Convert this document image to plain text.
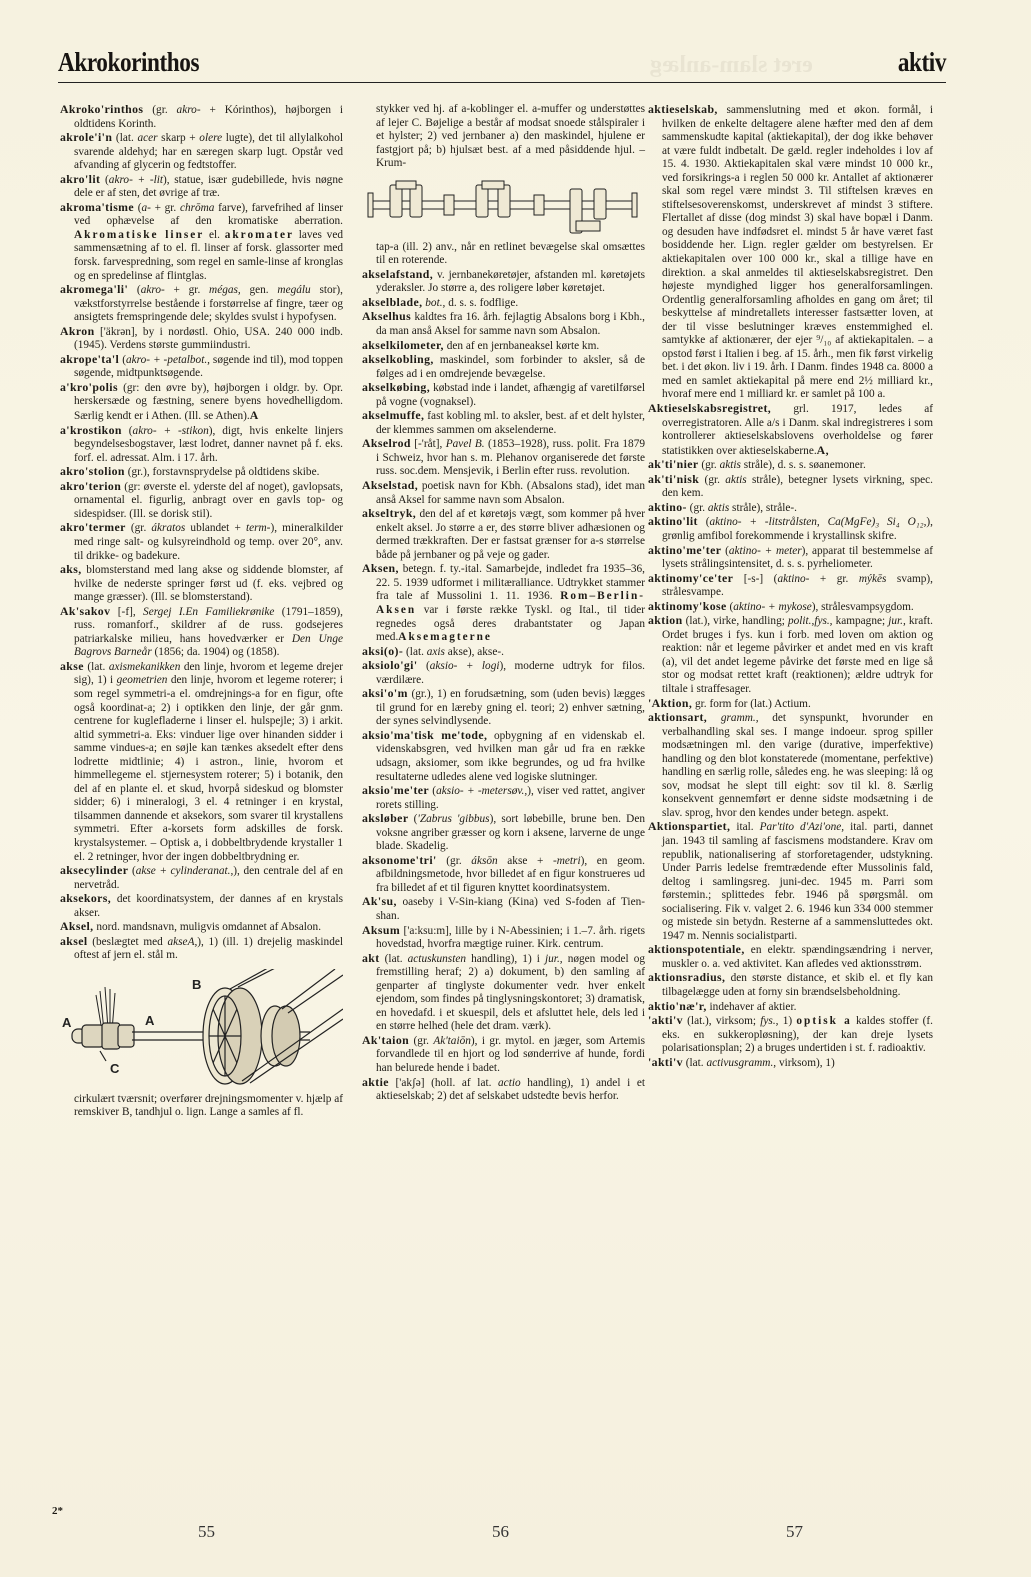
eret slam-anlæg
Akrokorinthos	aktiv

Akroko'rinthos (gr. akro- + Kórinthos), højborgen i oldtidens Korinth.

akrole'i'n (lat. acer skarp + olere lugte), det til allylalkohol svarende aldehyd; har en særegen skarp lugt. Opstår ved afvanding af glycerin og fedtstoffer.

akro'lit (akro- + -lit), statue, især gudebillede, hvis nøgne dele er af sten, det øvrige af træ.

akroma'tisme (a- + gr. chrōma farve), farvefrihed af linser ved ophævelse af den kromatiske aberration. Akromatiske linser el. akromater laves ved sammensætning af to el. fl. linser af forsk. glassorter med forsk. farvespredning, som regel en samle-linse af kronglas og en spredelinse af flintglas.

akromega'li' (akro- + gr. mégas, gen. megálu stor), vækstforstyrrelse bestående i forstørrelse af fingre, tæer og ansigtets fremspringende dele; skyldes svulst i hypofysen.

Akron ['äkrən], by i nordøstl. Ohio, USA. 240 000 indb. (1945). Verdens største gummiindustri.

akrope'ta'l (akro- + -petalbot., søgende ind til), mod toppen søgende, midtpunktsøgende.

a'kro'polis (gr: den øvre by), højborgen i oldgr. by. Opr. herskersæde og fæstning, senere byens hovedhelligdom. Særlig kendt er i Athen. (Ill. se Athen).A

a'krostikon (akro- + -stikon), digt, hvis enkelte linjers begyndelsesbogstaver, læst lodret, danner navnet på f. eks. forf. el. adressat. Alm. i 17. årh.

akro'stolion (gr.), forstavnsprydelse på oldtidens skibe.

akro'terion (gr: øverste el. yderste del af noget), gavlopsats, ornamental el. figurlig, anbragt over en gavls top- og sidespidser. (Ill. se dorisk stil).

akro'termer (gr. ákratos ublandet + term-), mineralkilder med ringe salt- og kulsyreindhold og temp. over 20°, anv. til drikke- og badekure.

aks, blomsterstand med lang akse og siddende blomster, af hvilke de nederste springer først ud (f. eks. vejbred og mange græsser). (Ill. se blomsterstand).

Ak'sakov [-f], Sergej I.En Familiekrønike (1791–1859), russ. romanforf., skildrer af de russ. godsejeres patriarkalske milieu, hans hovedværker er Den Unge Bagrovs Barneår (1856; da. 1904) og (1858).

akse (lat. axismekanikken den linje, hvorom et legeme drejer sig), 1) i geometrien den linje, hvorom et legeme roterer; i som regel symmetri-a el. omdrejnings-a for en figur, ofte også koordinat-a; 2) i optikken den linje, der går gnm. centrene for kuglefladerne i linser el. hulspejle; 3) i arkit. altid symmetri-a. Eks: vinduer lige over hinanden sidder i samme vindues-a; en søjle kan tænkes aksedelt efter dens lodrette midtlinie; 4) i astron., linie, hvorom et himmellegeme el. stjernesystem roterer; 5) i botanik, den del af en plante el. et skud, hvorpå sideskud og blomster sidder; 6) i mineralogi, 3 el. 4 retninger i en krystal, tilsammen dannende et aksekors, som svarer til krystallens symmetri. Efter a-korsets form adskilles de forsk. krystalsystemer. – Optisk a, i dobbeltbrydende krystaller 1 el. 2 retninger, hvor der ingen dobbeltbrydning er.

aksecylinder (akse + cylinderanat.,), den centrale del af en nervetråd.

aksekors, det koordinatsystem, der dannes af en krystals akser.

Aksel, nord. mandsnavn, muligvis omdannet af Absalon.

aksel (beslægtet med akseA,), 1) (ill. 1) drejelig maskindel oftest af jern el. stål m.

A	A
B
C

cirkulært tværsnit; overfører drejningsmomenter v. hjælp af remskiver B, tandhjul o. lign. Lange a samles af fl.

stykker ved hj. af a-koblinger el. a-muffer og understøttes af lejer C. Bøjelige a består af modsat snoede stålspiraler i et hylster; 2) ved jernbaner a) den maskindel, hjulene er fastgjort på; b) hjulsæt best. af a med påsiddende hjul. – Krum-

tap-a (ill. 2) anv., når en retlinet bevægelse skal omsættes til en roterende.

akselafstand, v. jernbanekøretøjer, afstanden ml. køretøjets yderaksler. Jo større a, des roligere løber køretøjet.

akselblade, bot., d. s. s. fodflige.

Akselhus kaldtes fra 16. årh. fejlagtig Absalons borg i Kbh., da man anså Aksel for samme navn som Absalon.

akselkilometer, den af en jernbaneaksel kørte km.

akselkobling, maskindel, som forbinder to aksler, så de følges ad i en omdrejende bevægelse.

akselkøbing, købstad inde i landet, afhængig af varetilførsel på vogne (vognaksel).

akselmuffe, fast kobling ml. to aksler, best. af et delt hylster, der klemmes sammen om akselenderne.

Akselrod [-'råt], Pavel B. (1853–1928), russ. polit. Fra 1879 i Schweiz, hvor han s. m. Plehanov organiserede det første russ. soc.dem. Mensjevik, i Berlin efter russ. revolution.

Akselstad, poetisk navn for Kbh. (Absalons stad), idet man anså Aksel for samme navn som Absalon.

akseltryk, den del af et køretøjs vægt, som kommer på hver enkelt aksel. Jo større a er, des større bliver adhæsionen og dermed trækkraften. Der er fastsat grænser for a-s størrelse både på jernbaner og på veje og gader.

Aksen, betegn. f. ty.-ital. Samarbejde, indledet fra 1935–36, 22. 5. 1939 udformet i militæralliance. Udtrykket stammer fra tale af Mussolini 1. 11. 1936. Rom–Berlin-Aksen var i første række Tyskl. og Ital., til tider regnedes også deres drabantstater og Japan med.Aksemagterne

aksi(o)- (lat. axis akse), akse-.

aksiolo'gi' (aksio- + logi), moderne udtryk for filos. værdilære.

aksi'o'm (gr.), 1) en forudsætning, som (uden bevis) lægges til grund for en læreby gning el. teori; 2) enhver sætning, der synes selvindlysende.

aksio'ma'tisk me'tode, opbygning af en videnskab el. videnskabsgren, ved hvilken man går ud fra en række udsagn, aksiomer, som ikke begrundes, og ud fra hvilke resultaterne udledes alene ved logiske slutninger.

aksio'me'ter (aksio- + -metersøv.,), viser ved rattet, angiver rorets stilling.

aksløber ('Zabrus 'gibbus), sort løbebille, brune ben. Den voksne angriber græsser og korn i aksene, larverne de unge blade. Skadelig.

aksonome'tri' (gr. áksōn akse + -metri), en geom. afbildningsmetode, hvor billedet af en figur konstrueres ud fra billedet af et til figuren knyttet koordinatsystem.

Ak'su, oaseby i V-Sin-kiang (Kina) ved S-foden af Tien-shan.

Aksum ['a:ksu:m], lille by i N-Abessinien; i 1.–7. årh. rigets hovedstad, hvorfra mægtige ruiner. Kirk. centrum.

akt (lat. actuskunsten handling), 1) i jur., nøgen model og fremstilling heraf; 2) a) dokument, b) den samling af genparter af tinglyste dokumenter vedr. hver enkelt ejendom, som findes på tinglysningskontoret; 3) dramatisk, en hovedafd. i et skuespil, dels et afsluttet hele, dels led i en større helhed (hele det dram. værk).

Ak'taion (gr. Ak'taiōn), i gr. mytol. en jæger, som Artemis forvandlede til en hjort og lod sønderrive af hunde, fordi han belurede hende i badet.

aktie ['akʃə] (holl. af lat. actio handling), 1) andel i et aktieselskab; 2) det af selskabet udstedte bevis herfor.

aktieselskab, sammenslutning med et økon. formål, i hvilken de enkelte deltagere alene hæfter med den af dem sammenskudte kapital (aktiekapital), der dog ikke behøver at være fuldt indbetalt. De gæld. regler indeholdes i lov af 15. 4. 1930. Aktiekapitalen skal være mindst 10 000 kr., ved forsikrings-a i reglen 50 000 kr. Antallet af aktionærer skal som regel være mindst 3. Til stiftelsen kræves en stiftelsesoverenskomst, underskrevet af mindst 3 stiftere. Flertallet af disse (dog mindst 3) skal have bopæl i Danm. og desuden have indfødsret el. mindst 5 år have været fast bosiddende her. Lign. regler gælder om bestyrelsen. Er aktiekapitalen over 100 000 kr., skal a tillige have en direktion. a skal anmeldes til aktieselskabsregistret. Den højeste myndighed ligger hos generalforsamlingen. Ordentlig generalforsamling afholdes en gang om året; til beskyttelse af mindretallets interesser fastsætter loven, at der til visse beslutninger kræves enstemmighed el. samtykke af aktionærer, der ejer ⁹/₁₀ af aktiekapitalen. – a opstod først i Italien i beg. af 15. årh., men fik først virkelig bet. i det økon. liv i 19. årh. I Danm. findes 1948 ca. 8000 a med en samlet aktiekapital på mere end 2½ milliard kr., hvoraf mere end 1 milliard kr. er samlet på 100 a.

Aktieselskabsregistret, grl. 1917, ledes af overregistratoren. Alle a/s i Danm. skal indregistreres i som kontrollerer aktieselskabslovens overholdelse og fører statistikken over aktieselskaberne.A,

ak'ti'nier (gr. aktis stråle), d. s. s. søanemoner.

ak'ti'nisk (gr. aktis stråle), betegner lysets virkning, spec. den kem.

aktino- (gr. aktis stråle), stråle-.

aktino'lit (aktino- + -litstrålsten, Ca(MgFe)₃ Si₄ O₁₂,), grønlig amfibol forekommende i krystallinsk skifre.

aktino'me'ter (aktino- + meter), apparat til bestemmelse af lysets strålingsintensitet, d. s. s. pyrheliometer.

aktinomy'ce'ter [-s-] (aktino- + gr. mýkēs svamp), strålesvampe.

aktinomy'kose (aktino- + mykose), strålesvampsygdom.

aktion (lat.), virke, handling; polit.,fys., kampagne; jur., kraft. Ordet bruges i fys. kun i forb. med loven om aktion og reaktion: når et legeme påvirker et andet med en vis kraft (a), vil det andet legeme påvirke det første med en lige så stor og modsat rettet kraft (reaktionen); ældre udtryk for tiltale i straffesager.

'Aktion, gr. form for (lat.) Actium.

aktionsart, gramm., det synspunkt, hvorunder en verbalhandling skal ses. I mange indoeur. sprog spiller modsætningen ml. den varige (durative, imperfektive) handling og den blot konstaterede (momentane, perfektive) handling en særlig rolle, således eng. he was sleeping: lå og sov, modsat he slept till eight: sov til kl. 8. Særlig konsekvent gennemført er denne sidste modsætning i de slav. sprog, hvor den kendes under betegn. aspekt.

Aktionspartiet, ital. Par'tito d'Azi'one, ital. parti, dannet jan. 1943 til samling af fascismens modstandere. Krav om republik, nationalisering af storforetagender, udstykning. Under Parris ledelse fremtrædende efter Mussolinis fald, deltog i samlingsreg. juni-dec. 1945 m. Parri som førstemin.; splittedes febr. 1946 på spørgsmål. om socialisering. Fik v. valget 2. 6. 1946 kun 334 000 stemmer og mistede sin betydn. Resterne af a sammensluttedes okt. 1947 m. Nennis socialistparti.

aktionspotentiale, en elektr. spændingsændring i nerver, muskler o. a. ved aktivitet. Kan afledes ved aktionsstrøm.

aktionsradius, den største distance, et skib el. et fly kan tilbagelægge uden at forny sin brændselsbeholdning.

aktio'næ'r, indehaver af aktier.

'akti'v (lat.), virksom; fys., 1) optisk a kaldes stoffer (f. eks. en sukkeropløsning), der kan dreje lysets polarisationsplan; 2) a bruges undertiden i st. f. radioaktiv.

'akti'v (lat. activusgramm., virksom), 1)

2*
55	56	57
